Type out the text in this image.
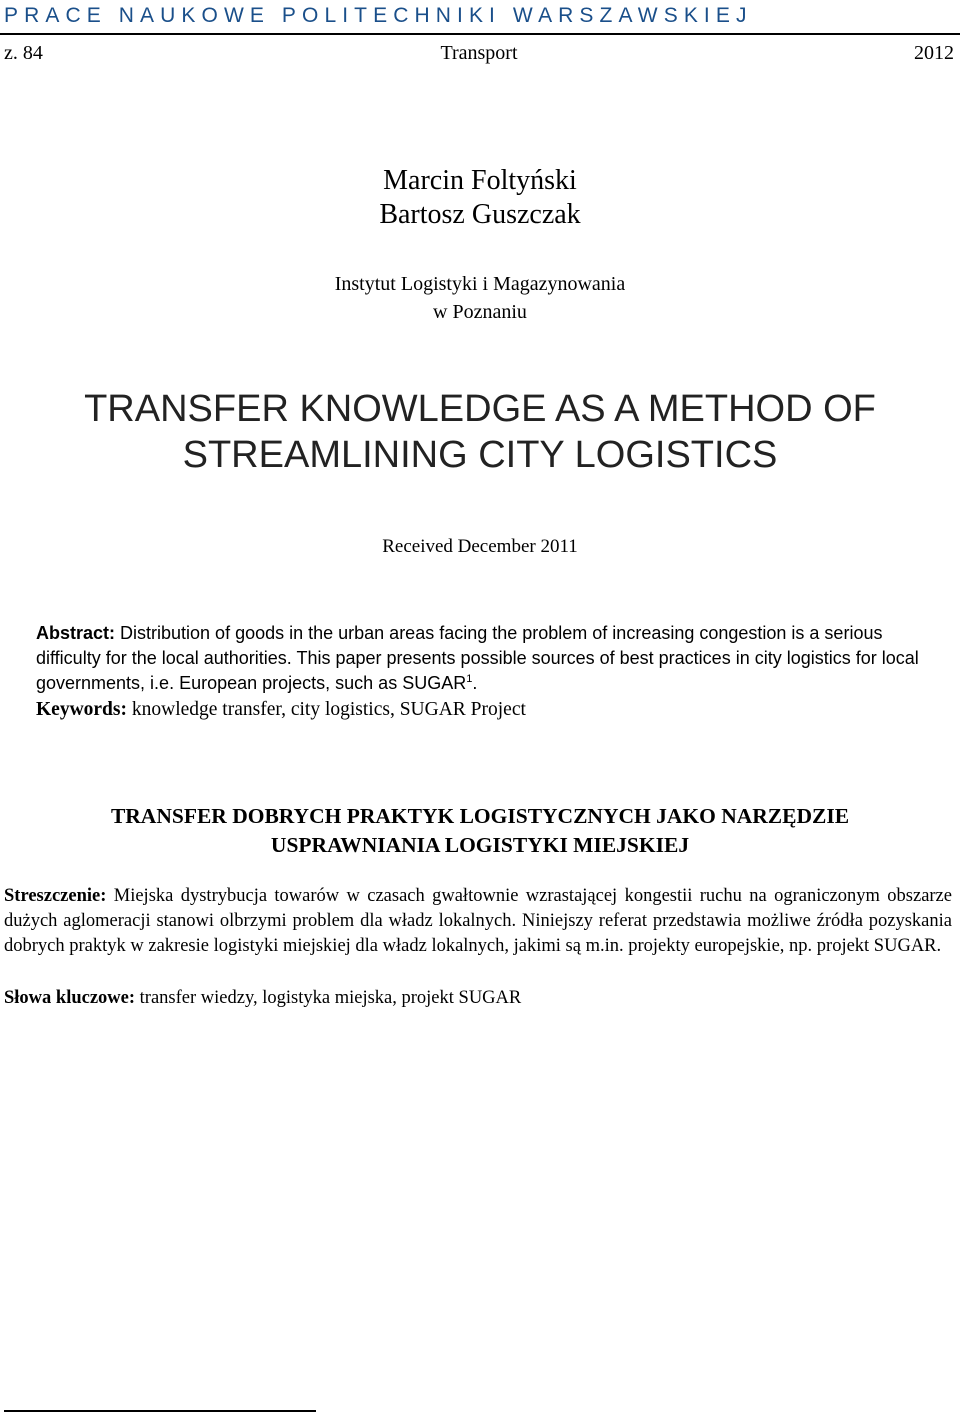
PRACE NAUKOWE POLITECHNIKI WARSZAWSKIEJ
z. 84	Transport	2012
Marcin Foltyński
Bartosz Guszczak
Instytut Logistyki i Magazynowania
w Poznaniu
TRANSFER KNOWLEDGE AS A METHOD OF
STREAMLINING CITY LOGISTICS
Received December 2011
Abstract: Distribution of goods in the urban areas facing the problem of increasing congestion is a serious difficulty for the local authorities. This paper presents possible sources of best practices in city logistics for local governments, i.e. European projects, such as SUGAR$^1$.
Keywords: knowledge transfer, city logistics, SUGAR Project
TRANSFER DOBRYCH PRAKTYK LOGISTYCZNYCH JAKO NARZĘDZIE
USPRAWNIANIA LOGISTYKI MIEJSKIEJ
Streszczenie: Miejska dystrybucja towarów w czasach gwałtownie wzrastającej kongestii ruchu na ograniczonym obszarze dużych aglomeracji stanowi olbrzymi problem dla władz lokalnych. Niniejszy referat przedstawia możliwe źródła pozyskania dobrych praktyk w zakresie logistyki miejskiej dla władz lokalnych, jakimi są m.in. projekty europejskie, np. projekt SUGAR.
Słowa kluczowe: transfer wiedzy, logistyka miejska, projekt SUGAR
